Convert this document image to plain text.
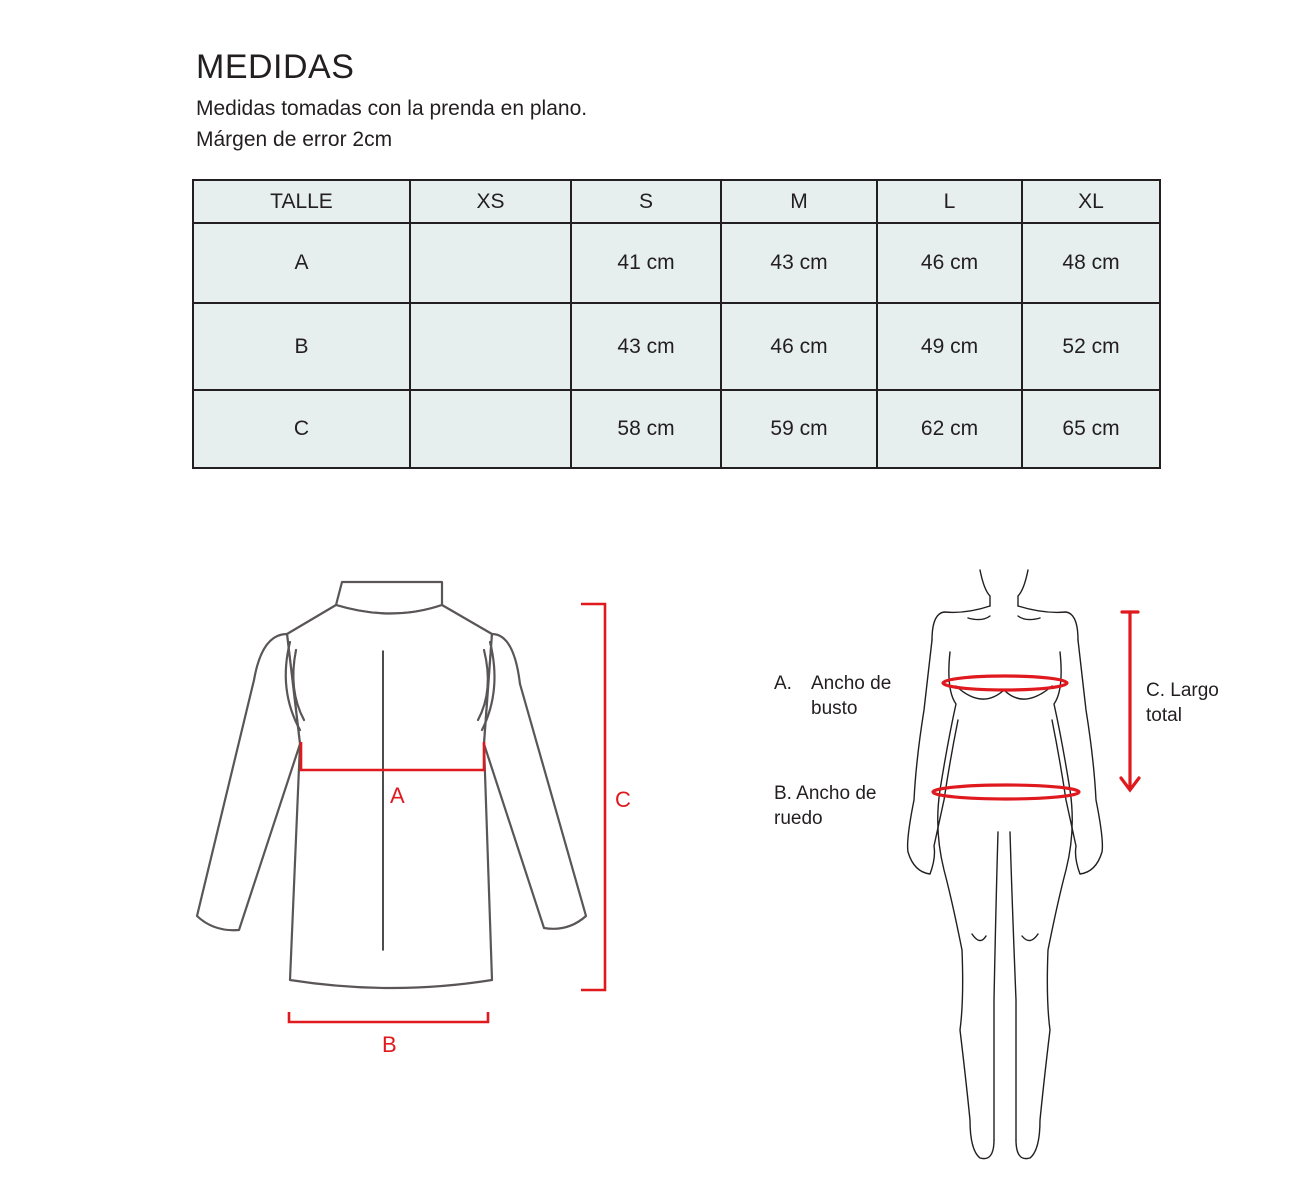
MEDIDAS

Medidas tomadas con la prenda en plano.

Márgen de error 2cm

TALLE	XS	S	M	L	XL
A		41 cm	43 cm	46 cm	48 cm
B		43 cm	46 cm	49 cm	52 cm
C		58 cm	59 cm	62 cm	65 cm
A
B
C
A. Ancho de
busto
B. Ancho de
ruedo
C. Largo
total
